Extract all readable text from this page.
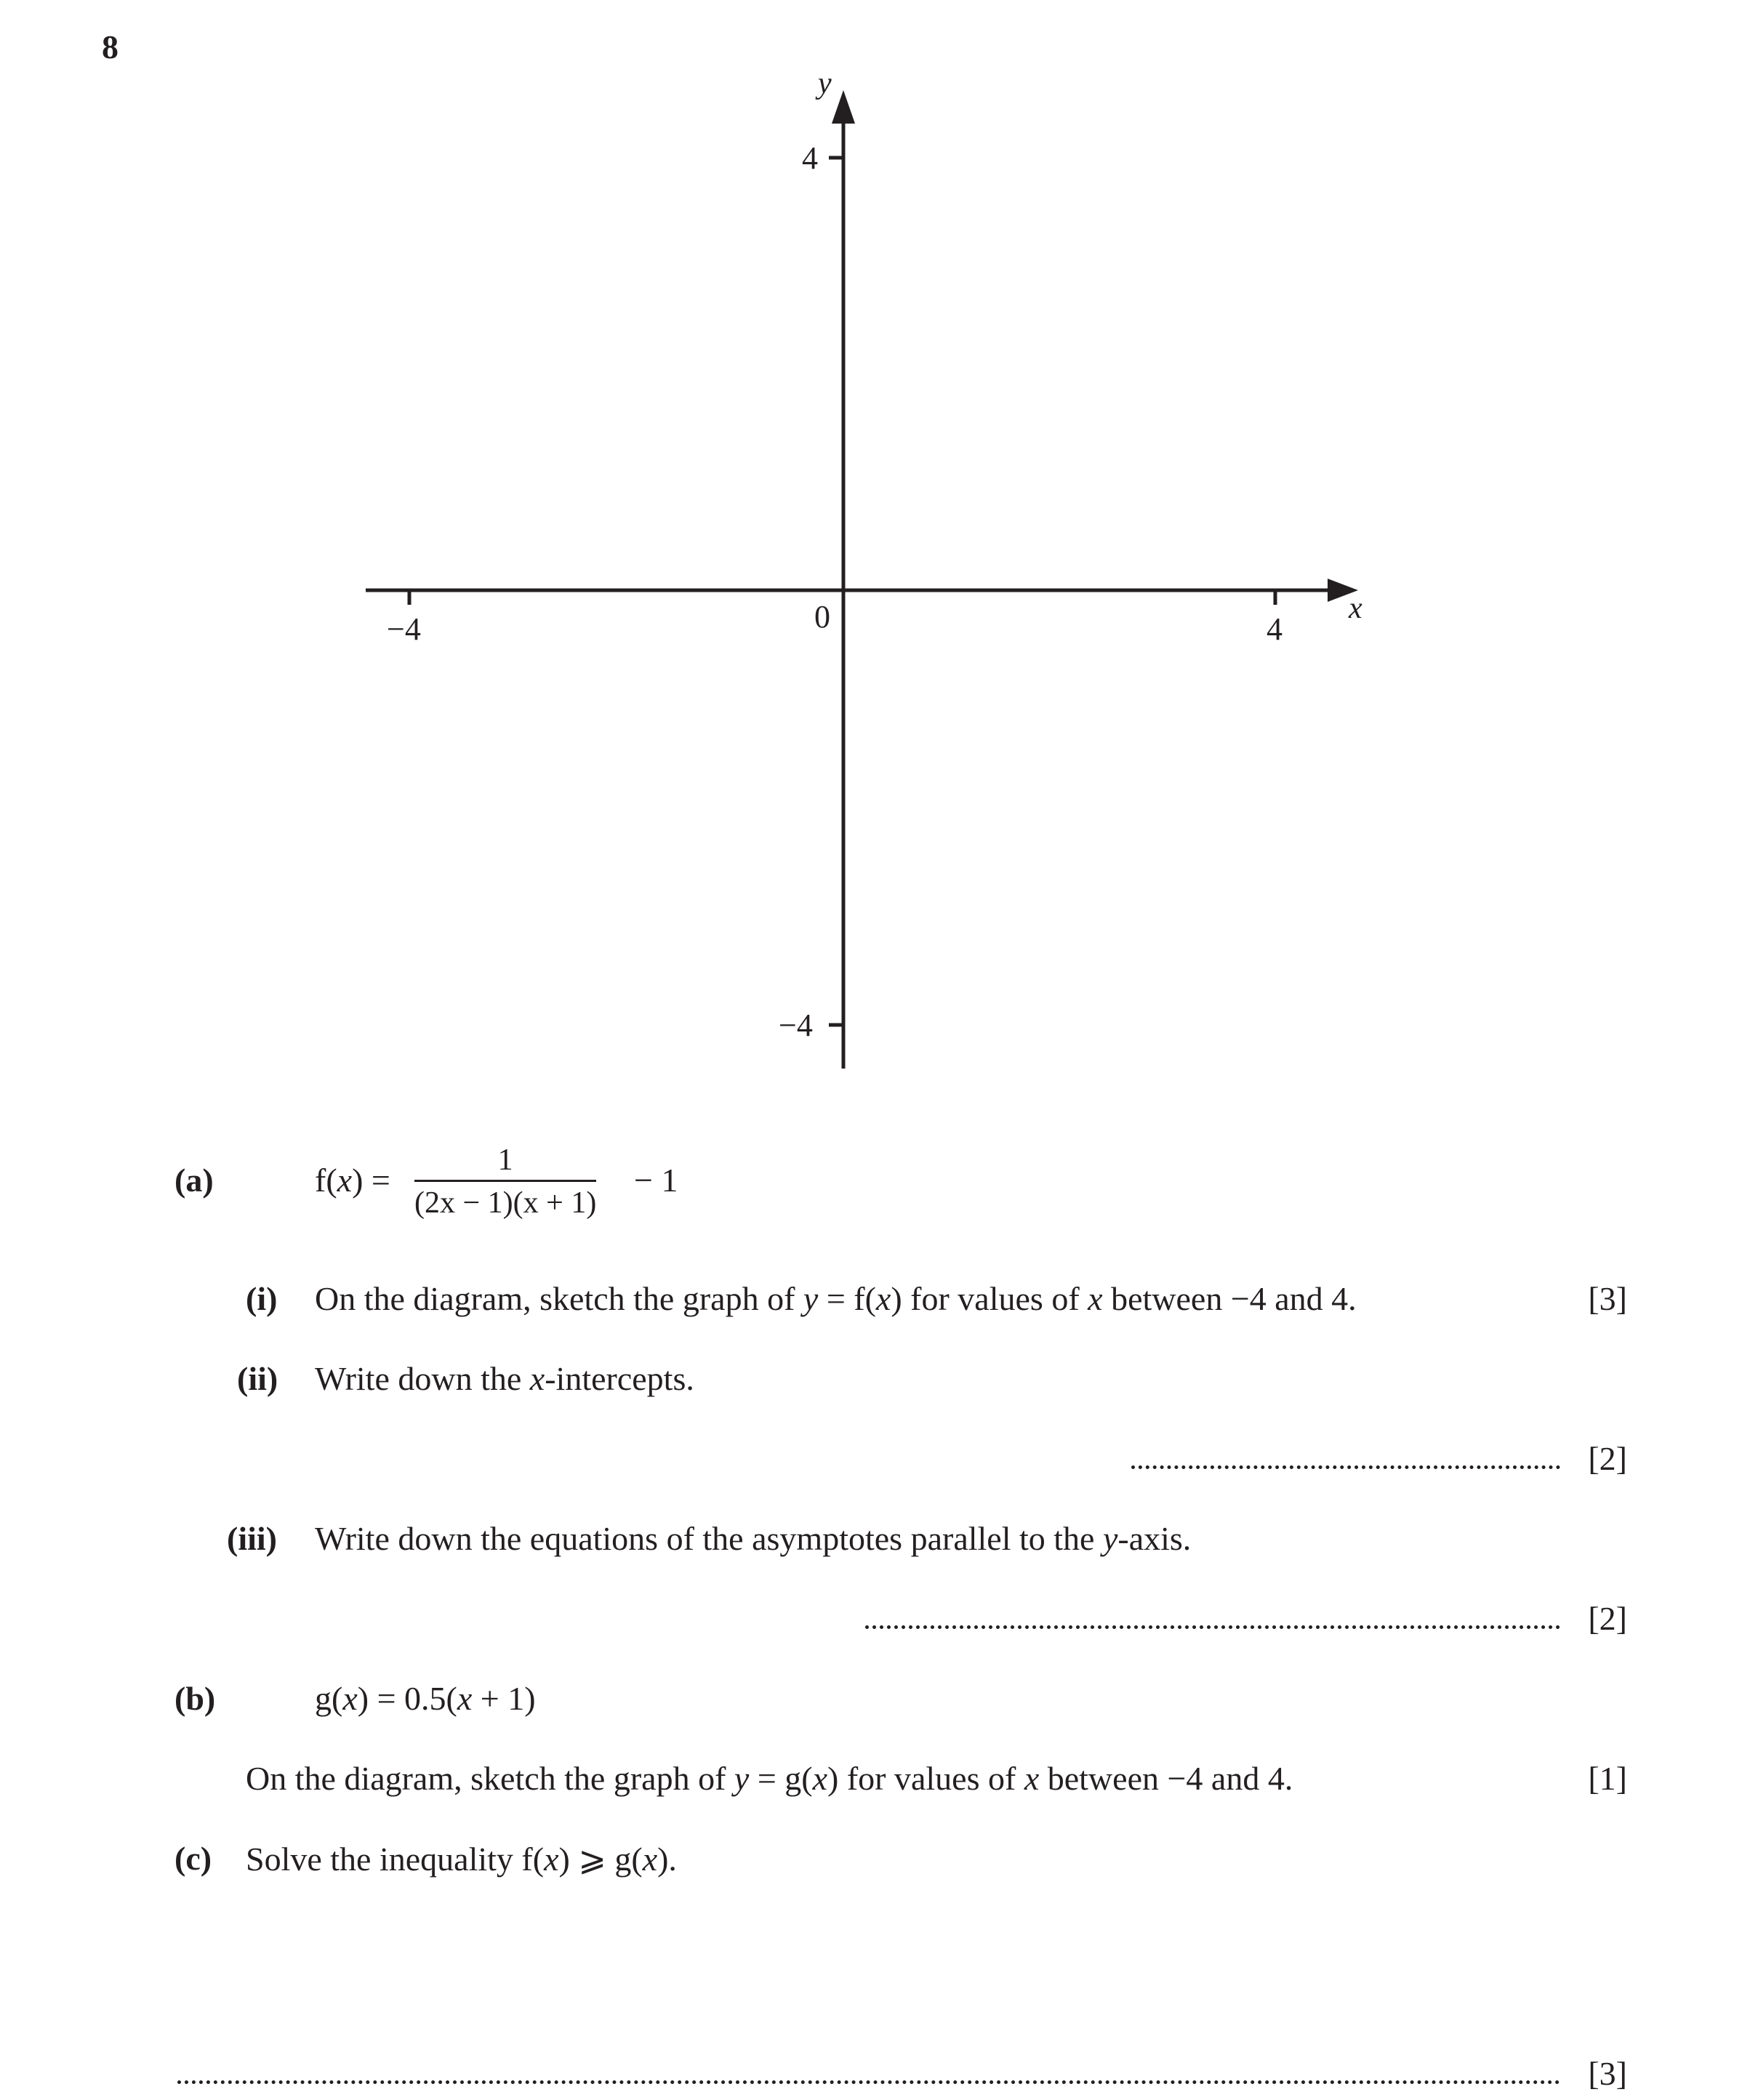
8
y
x
−4	4
4
−4
0
(a)	f(x) =
1
(2x − 1)(x + 1)
− 1
(i) On the diagram, sketch the graph of y = f(x) for values of x between −4 and 4.	[3]
(ii) Write down the x-intercepts.
[2]
(iii) Write down the equations of the asymptotes parallel to the y-axis.
[2]
(b)	g(x) = 0.5(x + 1)
On the diagram, sketch the graph of y = g(x) for values of x between −4 and 4.	[1]
(c) Solve the inequality f(x) ⩾ g(x).
[3]
